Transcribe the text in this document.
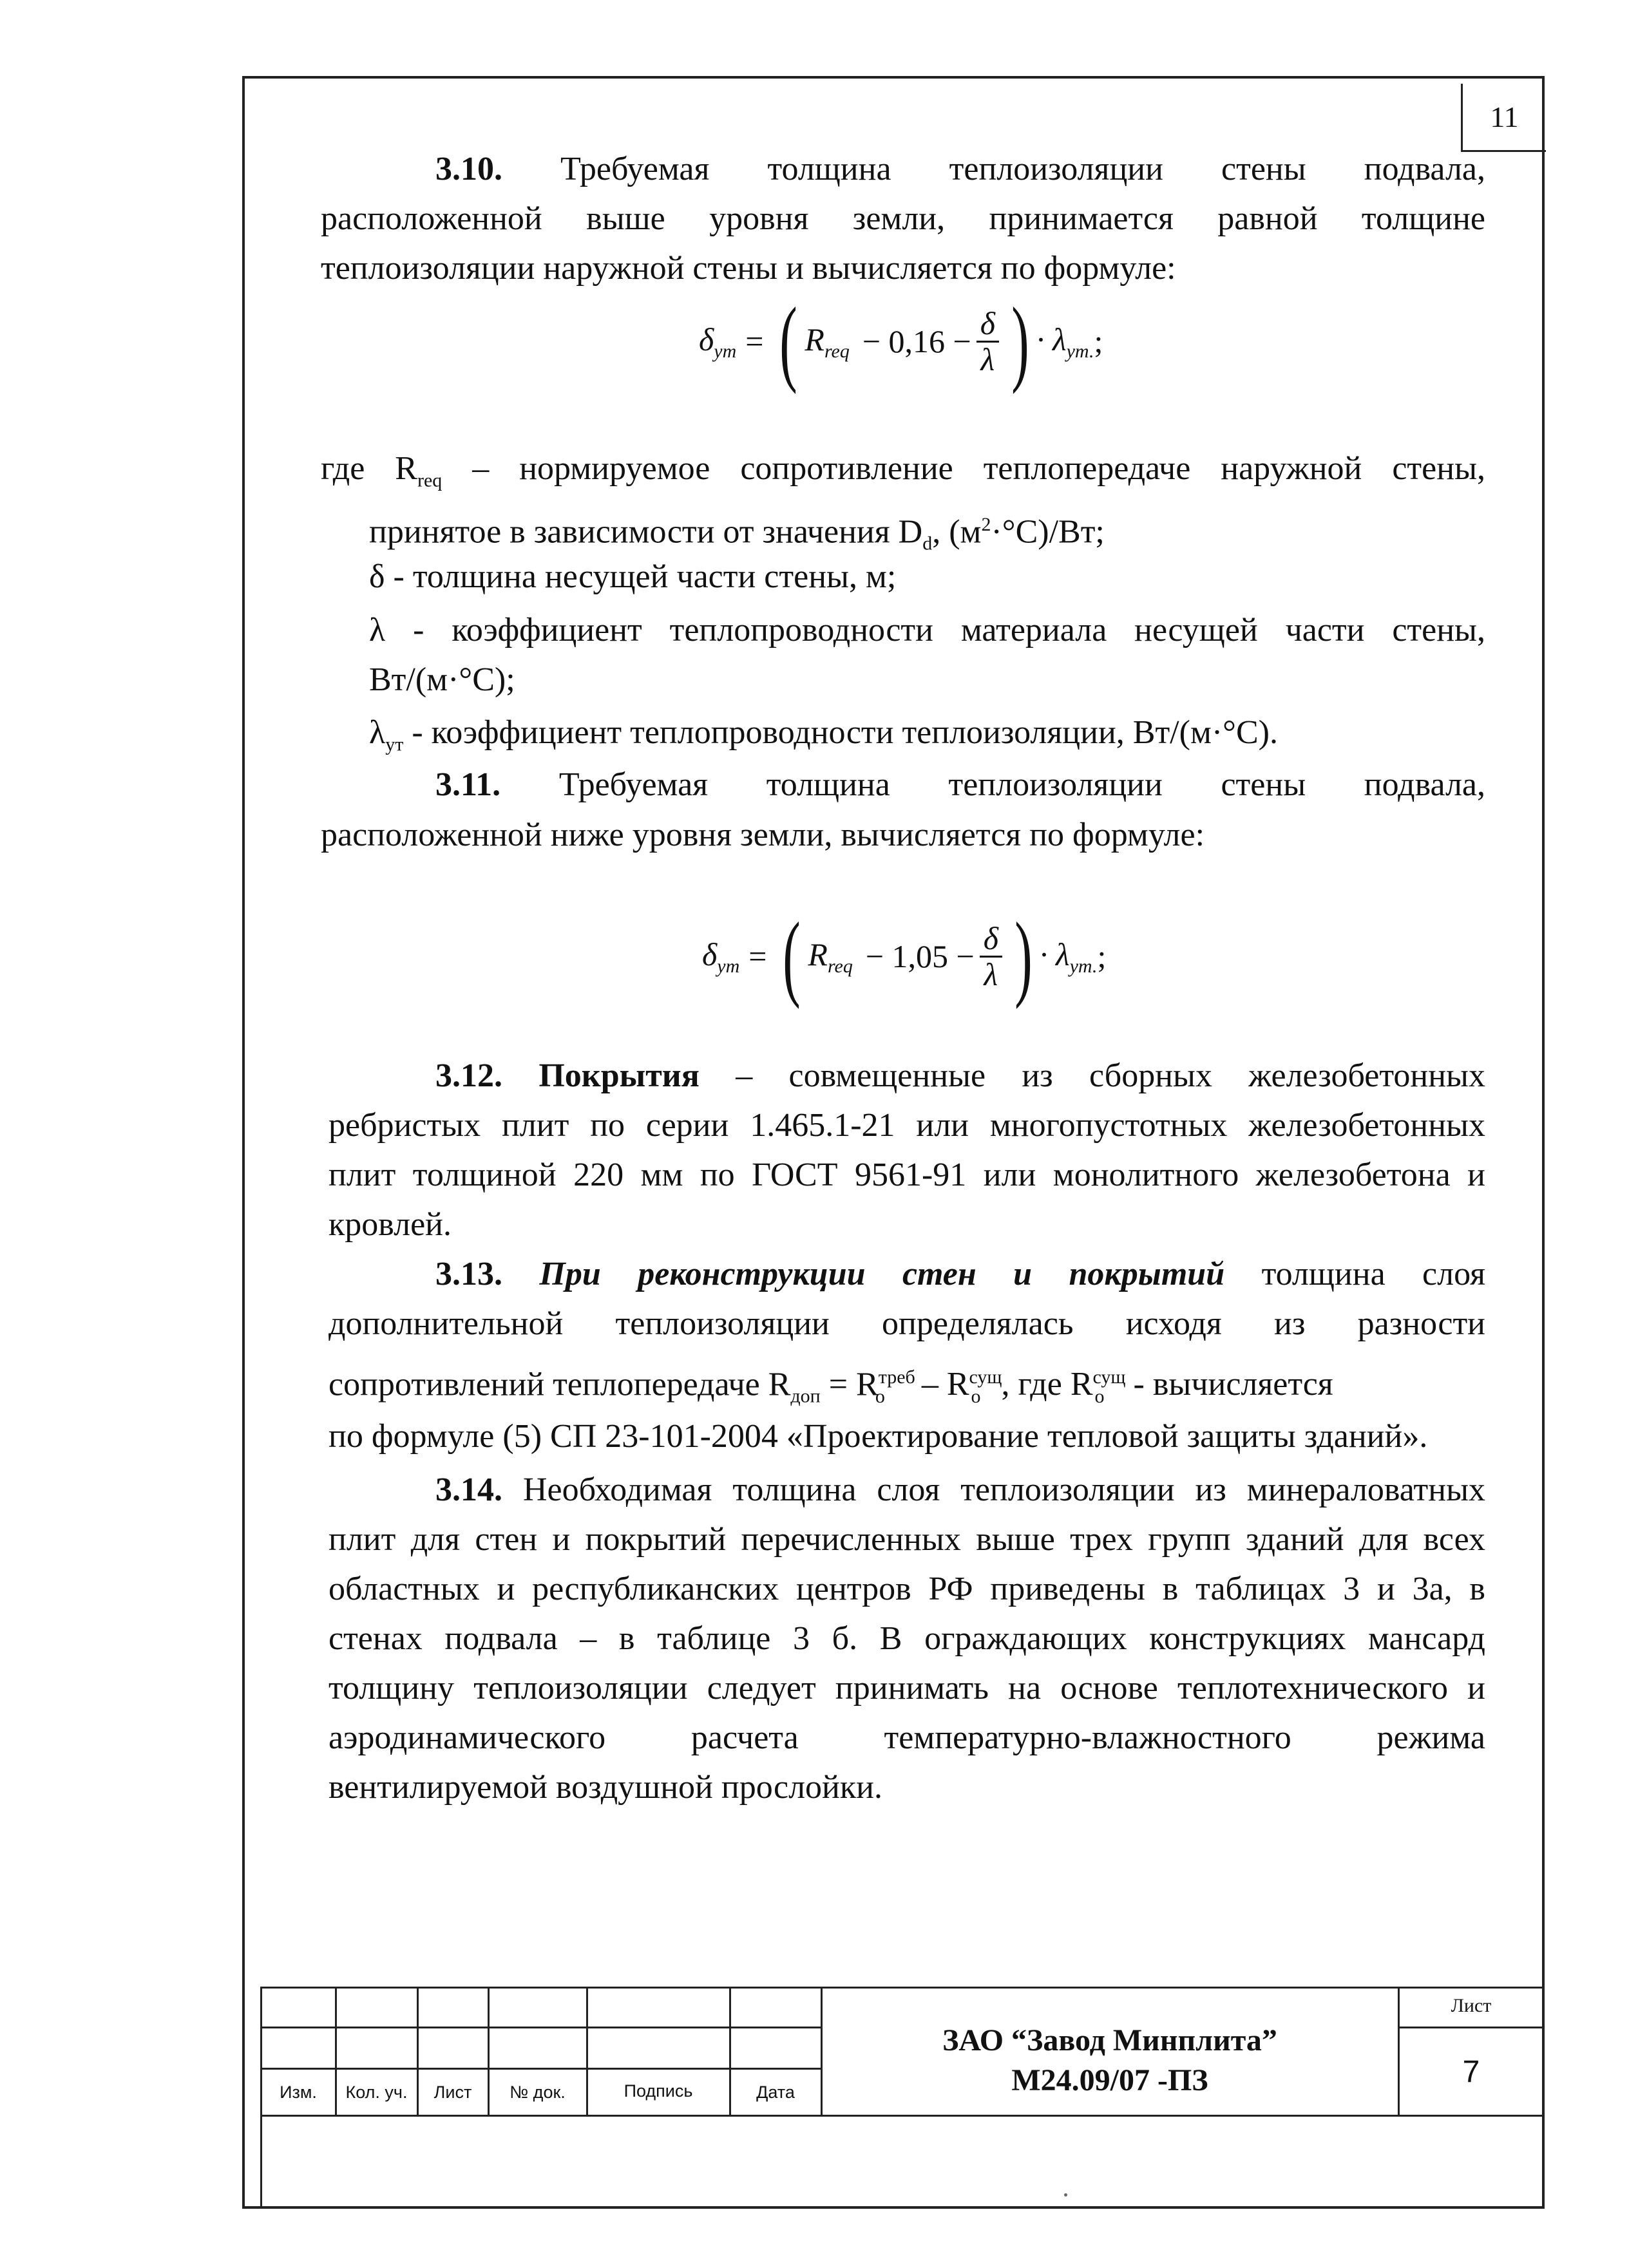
11
3.10. Требуемая толщина теплоизоляции стены подвала,
расположенной выше уровня земли, принимается равной толщине
теплоизоляции наружной стены и вычисляется по формуле:
$\delta_{ут}$ = ( $R_{req} - 0,16 - \frac{\delta}{\lambda}$ ) · $\lambda_{ут.}$ ;
где $R_{req}$ – нормируемое сопротивление теплопередаче наружной стены,
принятое в зависимости от значения $D_d$, $(м^2\cdot^\circ C)/Вт$;
δ - толщина несущей части стены, м;
λ - коэффициент теплопроводности материала несущей части стены,
Вт/(м·°С);
$\lambda_{ут}$ - коэффициент теплопроводности теплоизоляции, Вт/(м·°С).
3.11. Требуемая толщина теплоизоляции стены подвала,
расположенной ниже уровня земли, вычисляется по формуле:
$\delta_{ут}$ = ( $R_{req} - 1,05 - \frac{\delta}{\lambda}$ ) · $\lambda_{ут.}$ ;
3.12. Покрытия – совмещенные из сборных железобетонных
ребристых плит по серии 1.465.1-21 или многопустотных железобетонных
плит толщиной 220 мм по ГОСТ 9561-91 или монолитного железобетона и
кровлей.
3.13. При реконструкции стен и покрытий толщина слоя
дополнительной теплоизоляции определялась исходя из разности
сопротивлений теплопередаче $R_{доп} = R^{треб}_о - R^{сущ}_о$ , где $R^{сущ}_о$ - вычисляется
по формуле (5) СП 23-101-2004 «Проектирование тепловой защиты зданий».
3.14. Необходимая толщина слоя теплоизоляции из минераловатных
плит для стен и покрытий перечисленных выше трех групп зданий для всех
областных и республиканских центров РФ приведены в таблицах 3 и 3а, в
стенах подвала – в таблице 3 б. В ограждающих конструкциях мансард
толщину теплоизоляции следует принимать на основе теплотехнического и
аэродинамического расчета температурно-влажностного режима
вентилируемой воздушной прослойки.
Изм.	Кол. уч.	Лист	№ док.	Подпись	Дата
ЗАО “Завод Минплита”
М24.09/07 -ПЗ
Лист
7
